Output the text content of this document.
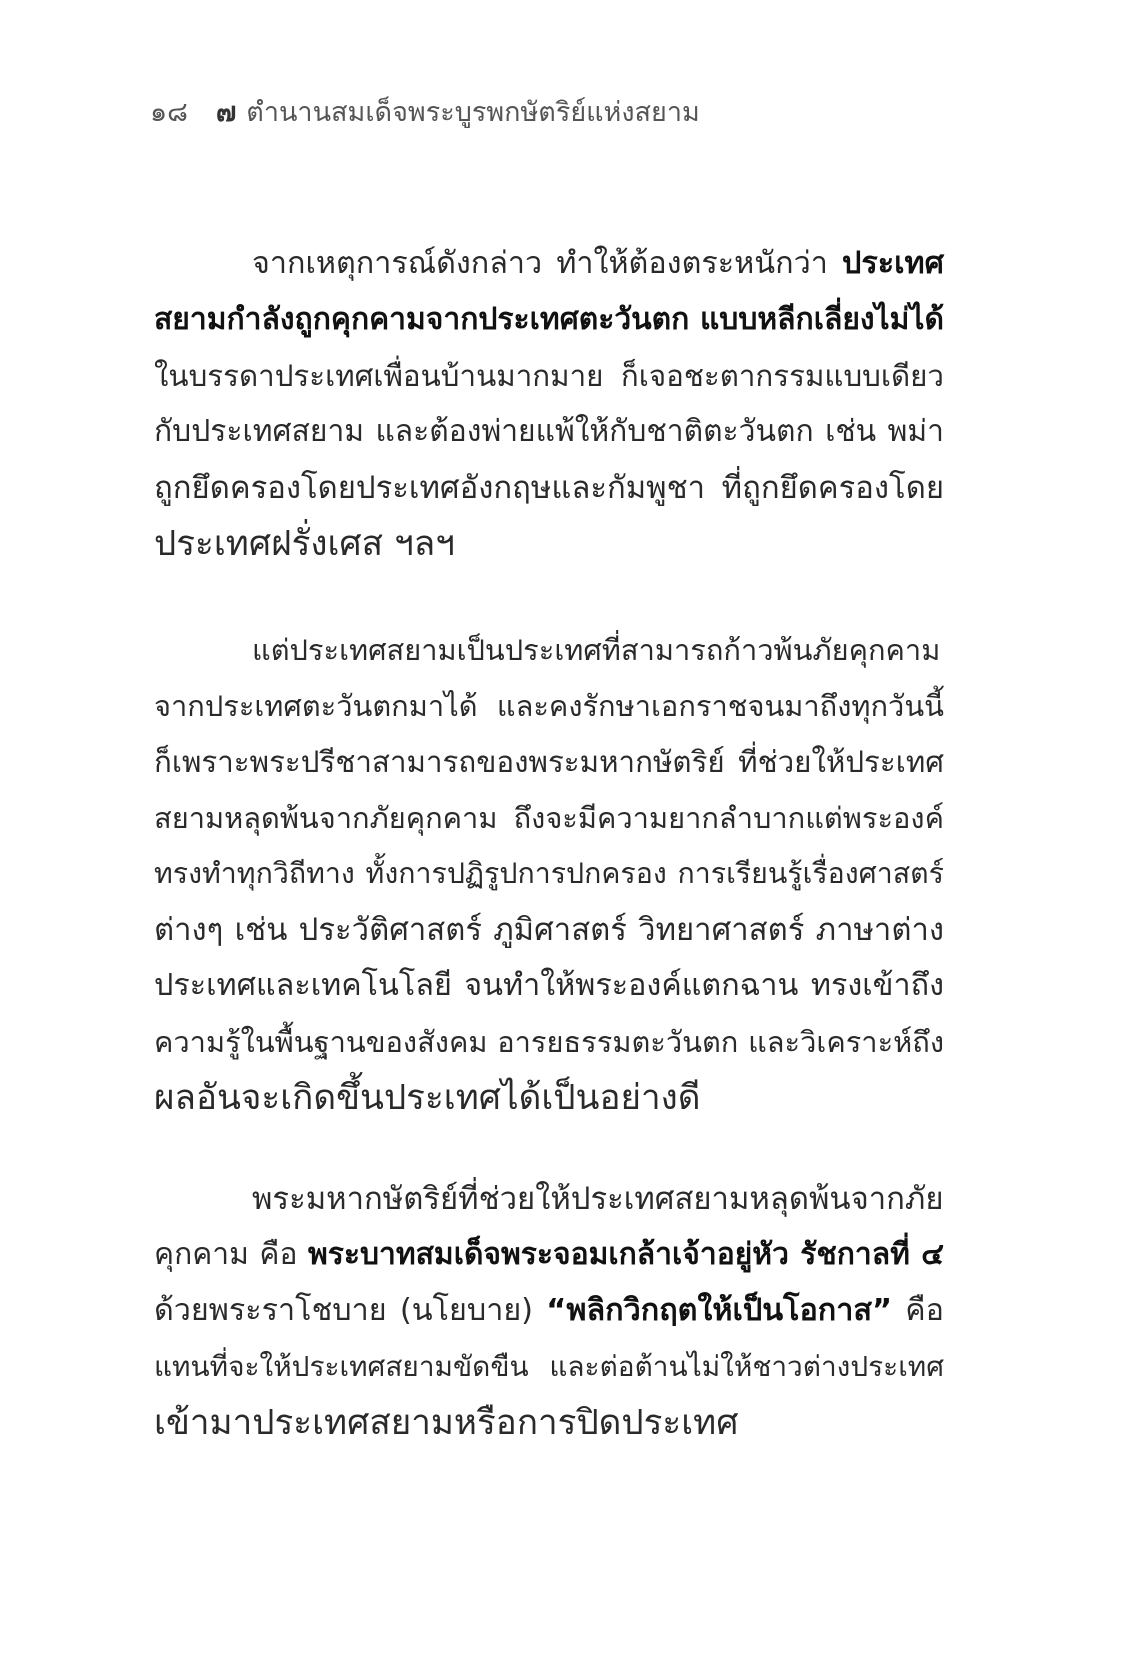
๑๘ ๗ ตำนานสมเด็จพระบูรพกษัตริย์แห่งสยาม
จากเหตุการณ์ดังกล่าว ทำให้ต้องตระหนักว่า ประเทศ
สยามกำลังถูกคุกคามจากประเทศตะวันตก แบบหลีกเลี่ยงไม่ได้
ในบรรดาประเทศเพื่อนบ้านมากมาย ก็เจอชะตากรรมแบบเดียว
กับประเทศสยาม และต้องพ่ายแพ้ให้กับชาติตะวันตก เช่น พม่า
ถูกยึดครองโดยประเทศอังกฤษและกัมพูชา ที่ถูกยึดครองโดย
ประเทศฝรั่งเศส ฯลฯ
แต่ประเทศสยามเป็นประเทศที่สามารถก้าวพ้นภัยคุกคาม
จากประเทศตะวันตกมาได้ และคงรักษาเอกราชจนมาถึงทุกวันนี้
ก็เพราะพระปรีชาสามารถของพระมหากษัตริย์ ที่ช่วยให้ประเทศ
สยามหลุดพ้นจากภัยคุกคาม ถึงจะมีความยากลำบากแต่พระองค์
ทรงทำทุกวิถีทาง ทั้งการปฏิรูปการปกครอง การเรียนรู้เรื่องศาสตร์
ต่างๆ เช่น ประวัติศาสตร์ ภูมิศาสตร์ วิทยาศาสตร์ ภาษาต่าง
ประเทศและเทคโนโลยี จนทำให้พระองค์แตกฉาน ทรงเข้าถึง
ความรู้ในพื้นฐานของสังคม อารยธรรมตะวันตก และวิเคราะห์ถึง
ผลอันจะเกิดขึ้นประเทศได้เป็นอย่างดี
พระมหากษัตริย์ที่ช่วยให้ประเทศสยามหลุดพ้นจากภัย
คุกคาม คือ พระบาทสมเด็จพระจอมเกล้าเจ้าอยู่หัว รัชกาลที่ ๔
ด้วยพระราโชบาย (นโยบาย) “พลิกวิกฤตให้เป็นโอกาส” คือ
แทนที่จะให้ประเทศสยามขัดขืน และต่อต้านไม่ให้ชาวต่างประเทศ
เข้ามาประเทศสยามหรือการปิดประเทศ
